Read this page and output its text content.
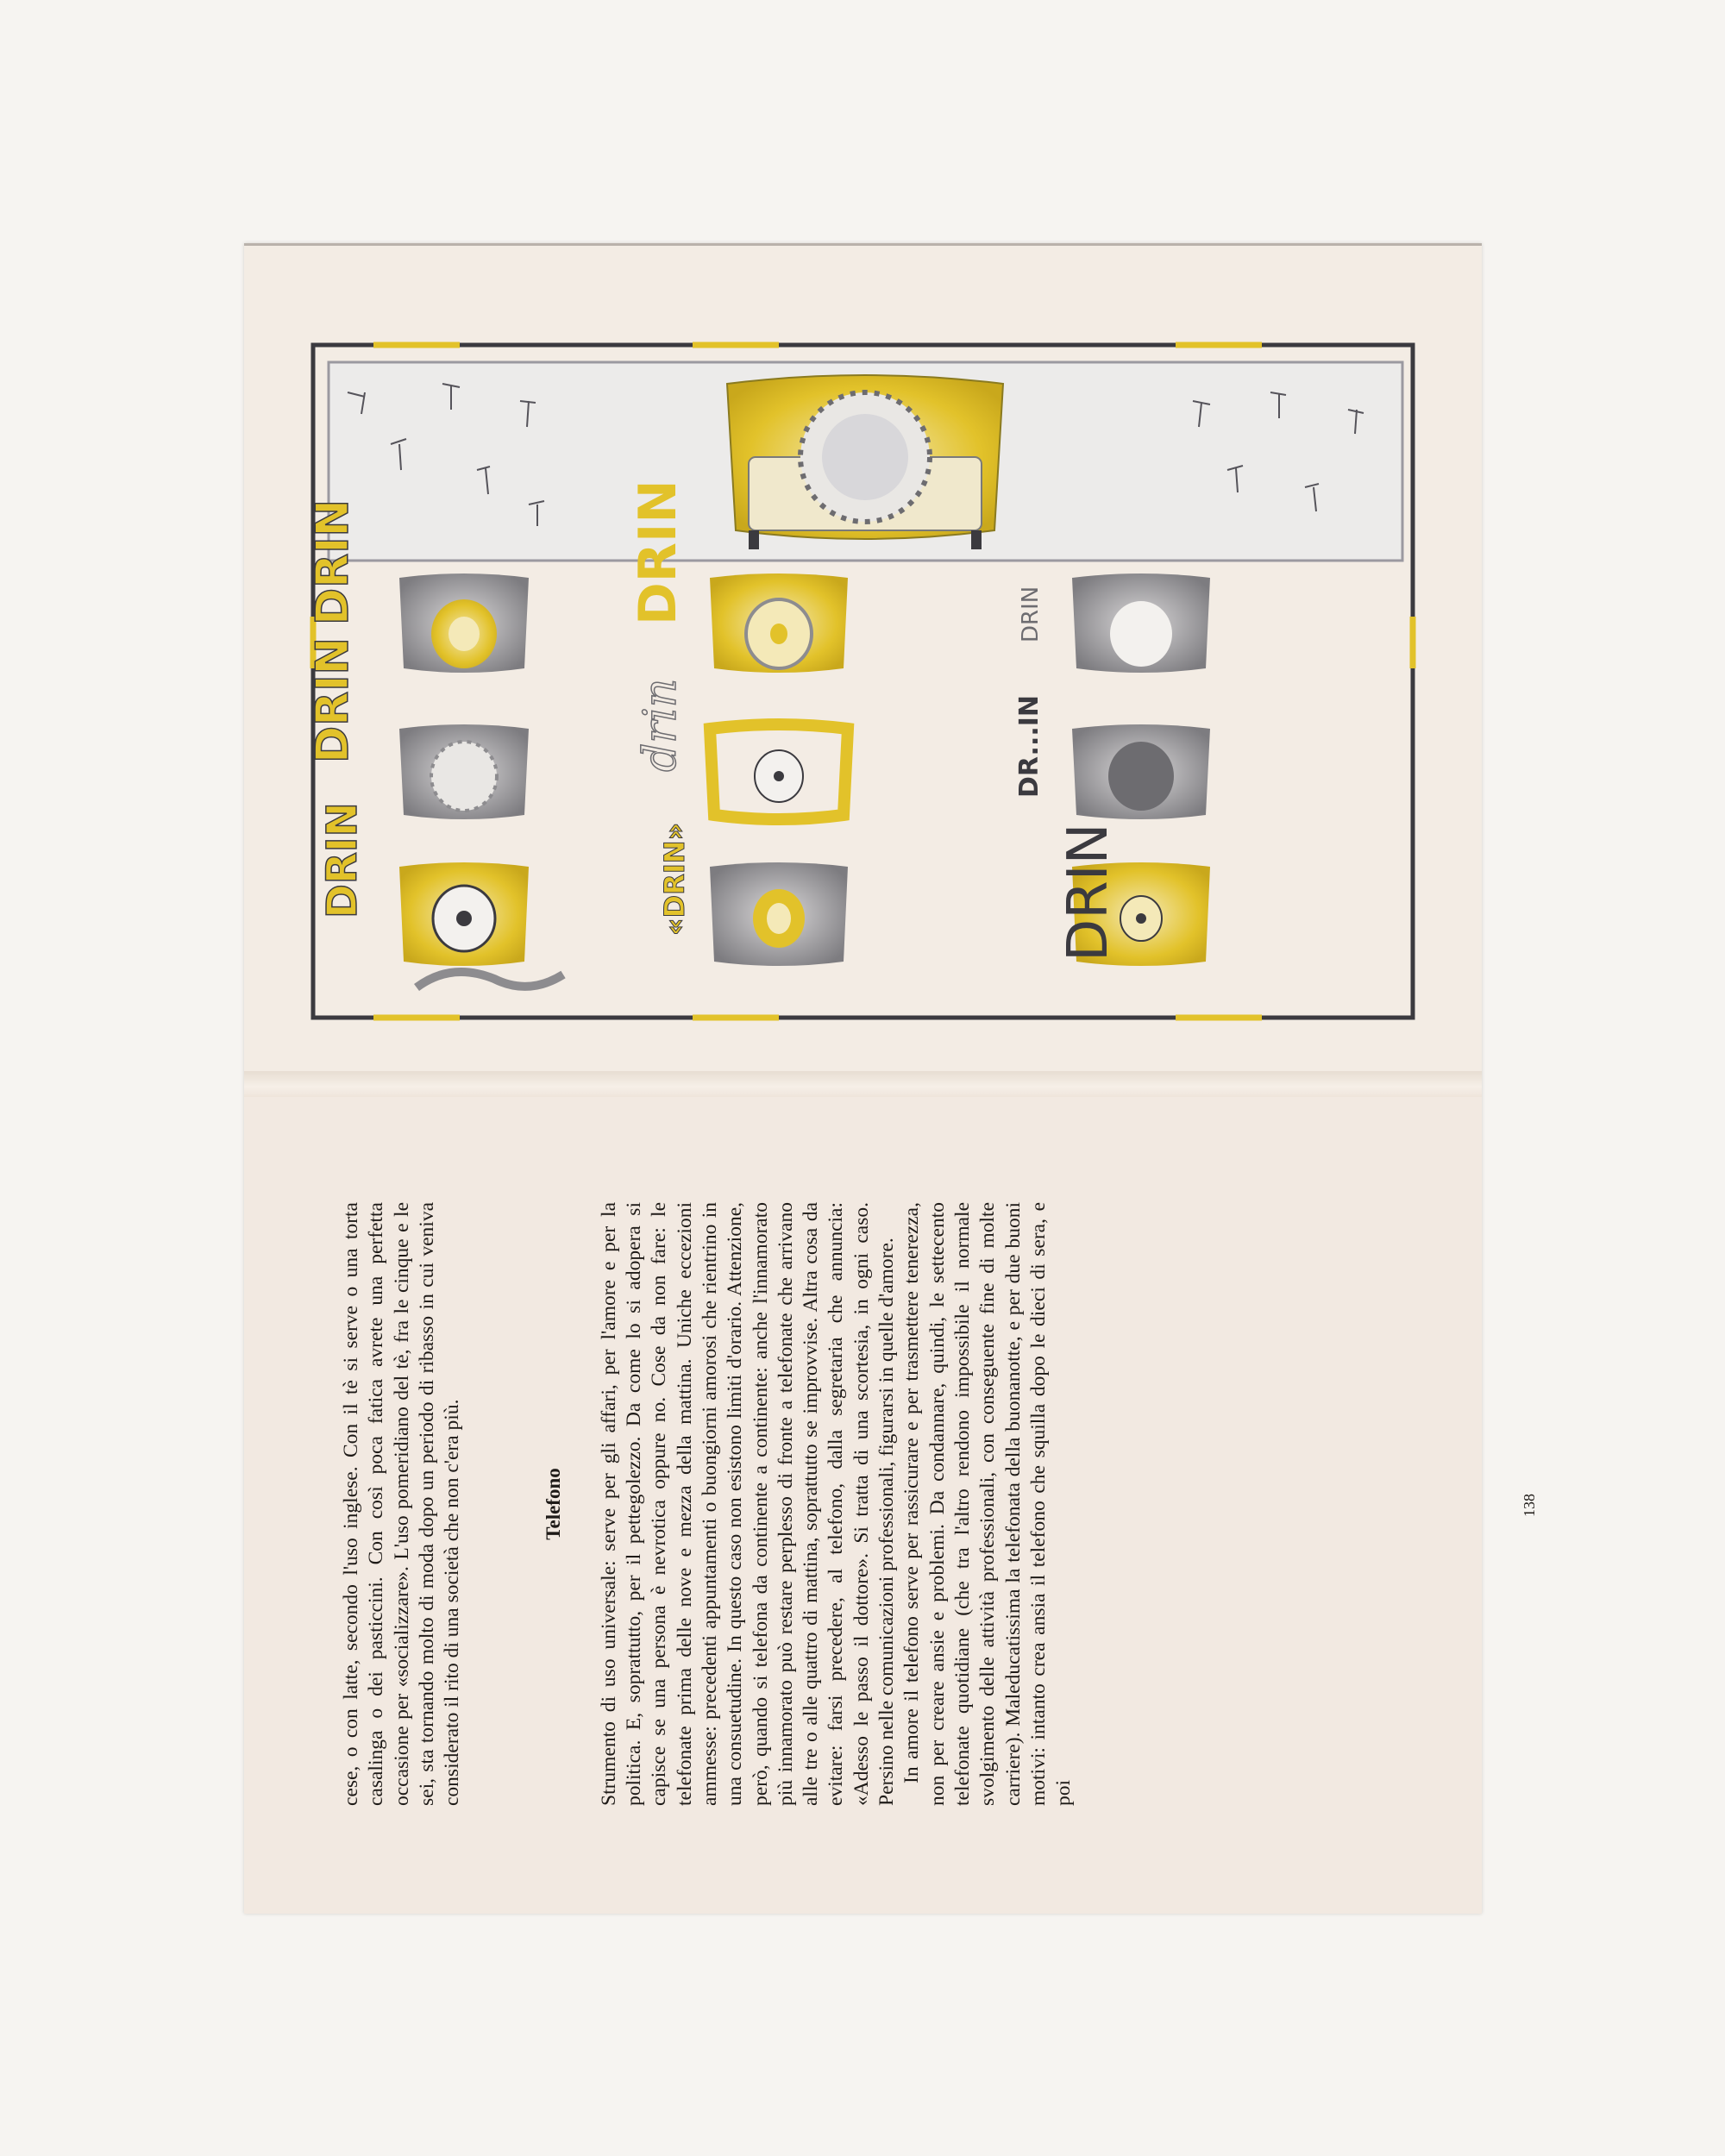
DRIN	DRIN	DRIN
DRIN	drin	DR...IN
DRIN	«DRIN»	DRIN

cese, o con latte, secondo l'uso inglese. Con il tè si serve o una torta casalinga o dei pasticcini. Con così poca fatica avrete una perfetta occasione per «socializzare». L'uso pomeridiano del tè, fra le cinque e le sei, sta tornando molto di moda dopo un periodo di ribasso in cui veniva considerato il rito di una società che non c'era più.	Telefono Strumento di uso universale: serve per gli affari, per l'amore e per la politica. E, soprattutto, per il pettegolezzo. Da come lo si adopera si capisce se una persona è nevrotica oppure no. Cose da non fare: le telefonate prima delle nove e mezza della mattina. Uniche eccezioni ammesse: precedenti appuntamenti o buongiorni amorosi che rientrino in una consuetudine. In questo caso non esistono limiti d'orario. Attenzione, però, quando si telefona da continente a continente: anche l'innamorato più innamorato può restare perplesso di fronte a telefonate che arrivano alle tre o alle quattro di mattina, soprattutto se improvvise. Altra cosa da evitare: farsi precedere, al telefono, dalla segretaria che annuncia: «Adesso le passo il dottore». Si tratta di una scortesia, in ogni caso. Persino nelle comunicazioni professionali, figurarsi in quelle d'amore. In amore il telefono serve per rassicurare e per trasmettere tenerezza, non per creare ansie e problemi. Da condannare, quindi, le settecento telefonate quotidiane (che tra l'altro rendono impossibile il normale svolgimento delle attività professionali, con conseguente fine di molte carriere). Maleducatissima la telefonata della buonanotte, e per due buoni motivi: intanto crea ansia il telefono che squilla dopo le dieci di sera, e poi

138
